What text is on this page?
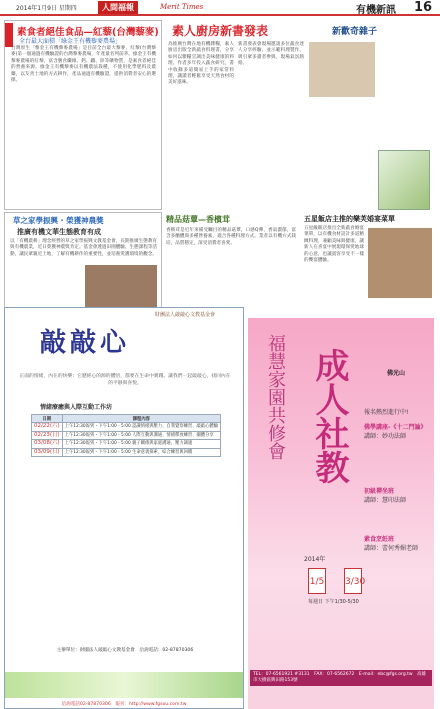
2014年1月9日 星期四	人間福報	Merit Times	有機新訊 16
素食者絕佳食品—紅藜(台灣藜麥)
全台最大面積「綠金王有機藜麥農場」
台灣原生「藜金王有機藜麥農場」是目前全台最大藜麥、紅藜(台灣藜麥)第一個通過有機驗證的台灣藜麥農場，年產量名列前茅。綠金王有機藜麥農場的紅藜，富含膳食纖維、鈣、鐵、鋅等礦物質，是素食者絕佳的營養來源。綠金王有機藜麥以有機農法栽種，不使用化學肥料及農藥，以友善土地的方式耕作，產品通過有機驗證，提供消費者安心的選擇。
素人廚房新書發表	新歡奇雜子
為推廣台灣在地有機雜糧，素人廚房出版全新蔬食料理書，分享如何以雜糧烹調出美味健康的料理。作者多年投入蔬食研究，書中收錄多道簡易上手的家常料理，讓讀者輕鬆享受天然食材的美好滋味。
新書發表會現場邀請多位蔬食達人分享經驗，並示範料理製作，吸引眾多讀者參與，現場氣氛熱絡。
草之家學振興 · 榮獲神農獎
推廣有機文華生態教育有成
以「有機農耕」理念經營的草之家學振興文教基金會，長期推廣生態教育與有機農業，近日榮獲神農獎肯定。基金會透過田園體驗、生態課程等活動，讓民眾親近土地，了解有機耕作的重要性，並培養愛護環境的觀念。
精品菇蕈—香檳茸
香檳茸是近年來備受矚目的精品菇蕈，口感Q彈、香氣濃郁，富含多醣體與多種營養素，適合各種料理方式。業者以有機方式栽培，品質穩定，深受消費者喜愛。
五星飯店主推的樂芙婚宴菜單
五星級飯店推出全新蔬食婚宴菜單，以有機食材設計多道精緻料理，兼顧美味與健康，讓新人在喜宴中展現環保愛地球的心意，也讓賓客享受不一樣的饗宴體驗。
財團法人敲敲心文教基金會
敲敲心
正面的情緒，內在的快樂；它歷經心的源的體悟，都要在生命中實踐。讓我們一起敲敲心，找回內在的平靜與喜悅。
情緒療癒與人際互動工作坊
日期	課程內容
02/22(六)	上午12:30報到・下午1:00 - 5:00 認識情緒與壓力、自我覺察練習、敲敲心體驗
02/23(日)	上午12:30報到・下午1:00 - 5:00 人際互動與溝通、情緒釋放練習、團體分享
03/08(六)	上午12:30報到・下午1:00 - 5:00 親子關係與家庭溝通、壓力調適
03/09(日)	上午12:30報到・下午1:00 - 5:00 生命意義探索、綜合練習與回饋
主辦單位：財團法人敲敲心文教基金會　洽詢電話：02-87870306
洽詢電話02-87870306　報名：http://www.fgsou.com.tw
福慧家園共修會	佛光山
成人社教	報名熱烈進行中!
佛學講座-《十二門論》
講師：妙功法師
初級禪坐班
講師：慧印法師
素食烹飪班
講師：蕾何秀媚老師
2014年
1/5 3/30
每週日 下午1/30-5/30
TEL：07-6561921 #3131　FAX：07-6562672　E-mail：ebc@fgs.org.tw　高雄市大樹區興田路153號
